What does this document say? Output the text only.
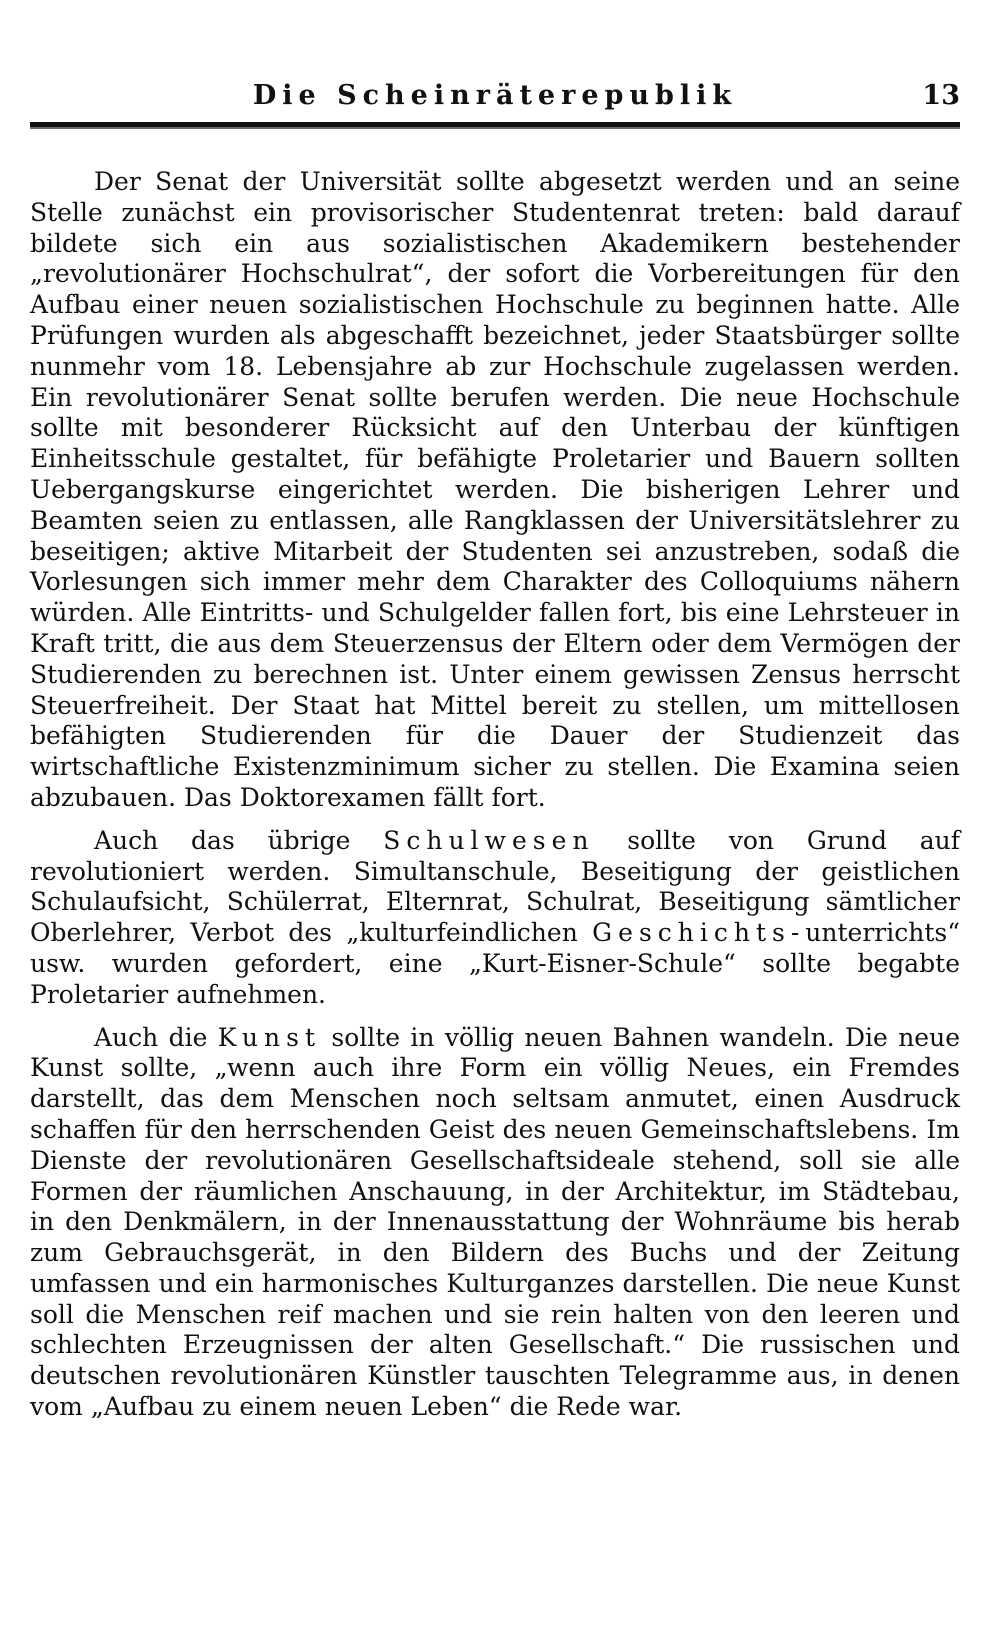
Die Scheinräterepublik	13

Der Senat der Universität sollte abgesetzt werden und an seine Stelle zunächst ein provisorischer Studentenrat treten: bald darauf bildete sich ein aus sozialistischen Akademikern bestehender „revolutionärer Hochschulrat“, der sofort die Vorbereitungen für den Aufbau einer neuen sozialistischen Hochschule zu beginnen hatte. Alle Prüfungen wurden als abgeschafft bezeichnet, jeder Staatsbürger sollte nunmehr vom 18. Lebensjahre ab zur Hochschule zugelassen werden. Ein revolutionärer Senat sollte berufen werden. Die neue Hochschule sollte mit besonderer Rücksicht auf den Unterbau der künftigen Einheitsschule gestaltet, für befähigte Proletarier und Bauern sollten Uebergangskurse eingerichtet werden. Die bisherigen Lehrer und Beamten seien zu entlassen, alle Rangklassen der Universitätslehrer zu beseitigen; aktive Mitarbeit der Studenten sei anzustreben, sodaß die Vorlesungen sich immer mehr dem Charakter des Colloquiums nähern würden. Alle Eintritts- und Schulgelder fallen fort, bis eine Lehrsteuer in Kraft tritt, die aus dem Steuerzensus der Eltern oder dem Vermögen der Studierenden zu berechnen ist. Unter einem gewissen Zensus herrscht Steuerfreiheit. Der Staat hat Mittel bereit zu stellen, um mittellosen befähigten Studierenden für die Dauer der Studienzeit das wirtschaftliche Existenzminimum sicher zu stellen. Die Examina seien abzubauen. Das Doktorexamen fällt fort.

Auch das übrige Schulwesen sollte von Grund auf revolutioniert werden. Simultanschule, Beseitigung der geistlichen Schulaufsicht, Schülerrat, Elternrat, Schulrat, Beseitigung sämtlicher Oberlehrer, Verbot des „kulturfeindlichen Geschichts-unterrichts“ usw. wurden gefordert, eine „Kurt-Eisner-Schule“ sollte begabte Proletarier aufnehmen.

Auch die Kunst sollte in völlig neuen Bahnen wandeln. Die neue Kunst sollte, „wenn auch ihre Form ein völlig Neues, ein Fremdes darstellt, das dem Menschen noch seltsam anmutet, einen Ausdruck schaffen für den herrschenden Geist des neuen Gemeinschaftslebens. Im Dienste der revolutionären Gesellschaftsideale stehend, soll sie alle Formen der räumlichen Anschauung, in der Architektur, im Städtebau, in den Denkmälern, in der Innenausstattung der Wohnräume bis herab zum Gebrauchsgerät, in den Bildern des Buchs und der Zeitung umfassen und ein harmonisches Kulturganzes darstellen. Die neue Kunst soll die Menschen reif machen und sie rein halten von den leeren und schlechten Erzeugnissen der alten Gesellschaft.“ Die russischen und deutschen revolutionären Künstler tauschten Telegramme aus, in denen vom „Aufbau zu einem neuen Leben“ die Rede war.
